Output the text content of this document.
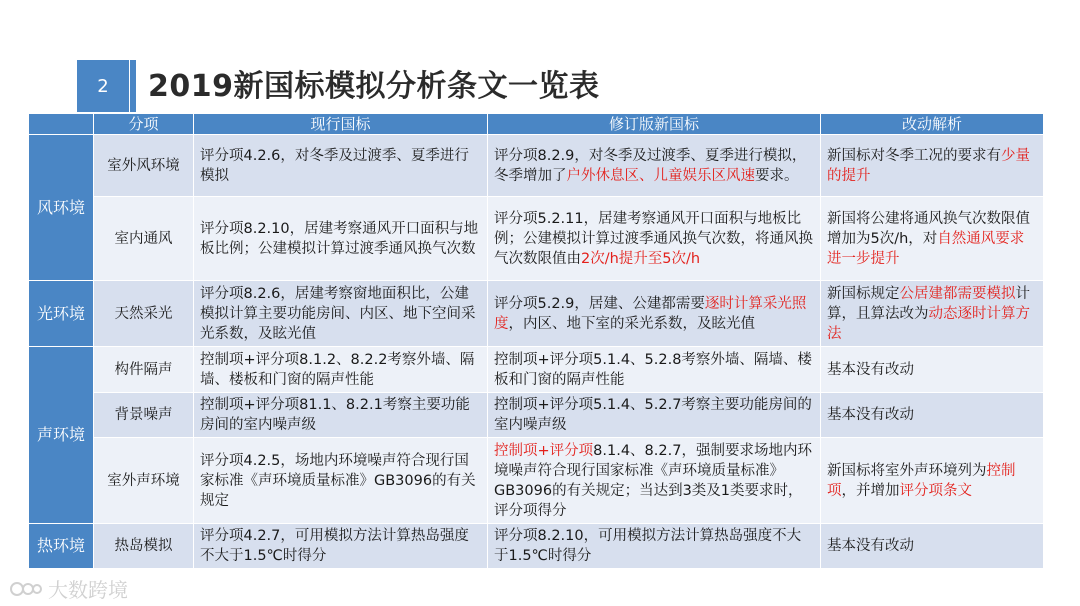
2	2019新国标模拟分析条文一览表
	分项	现行国标	修订版新国标	改动解析
风环境	室外风环境	评分项4.2.6，对冬季及过渡季、夏季进行模拟	评分项8.2.9，对冬季及过渡季、夏季进行模拟，冬季增加了户外休息区、儿童娱乐区风速要求。	新国标对冬季工况的要求有少量的提升
	室内通风	评分项8.2.10，居建考察通风开口面积与地板比例；公建模拟计算过渡季通风换气次数	评分项5.2.11，居建考察通风开口面积与地板比例；公建模拟计算过渡季通风换气次数，将通风换气次数限值由2次/h提升至5次/h	新国将公建将通风换气次数限值增加为5次/h，对自然通风要求进一步提升
光环境	天然采光	评分项8.2.6，居建考察窗地面积比，公建模拟计算主要功能房间、内区、地下空间采光系数，及眩光值	评分项5.2.9，居建、公建都需要逐时计算采光照度，内区、地下室的采光系数，及眩光值	新国标规定公居建都需要模拟计算，且算法改为动态逐时计算方法
声环境	构件隔声	控制项+评分项8.1.2、8.2.2考察外墙、隔墙、楼板和门窗的隔声性能	控制项+评分项5.1.4、5.2.8考察外墙、隔墙、楼板和门窗的隔声性能	基本没有改动
	背景噪声	控制项+评分项81.1、8.2.1考察主要功能房间的室内噪声级	控制项+评分项5.1.4、5.2.7考察主要功能房间的室内噪声级	基本没有改动
	室外声环境	评分项4.2.5，场地内环境噪声符合现行国家标准《声环境质量标准》GB3096的有关规定	控制项+评分项8.1.4、8.2.7，强制要求场地内环境噪声符合现行国家标准《声环境质量标准》GB3096的有关规定；当达到3类及1类要求时，评分项得分	新国标将室外声环境列为控制项，并增加评分项条文
热环境	热岛模拟	评分项4.2.7，可用模拟方法计算热岛强度不大于1.5℃时得分	评分项8.2.10，可用模拟方法计算热岛强度不大于1.5℃时得分	基本没有改动
大数跨境
